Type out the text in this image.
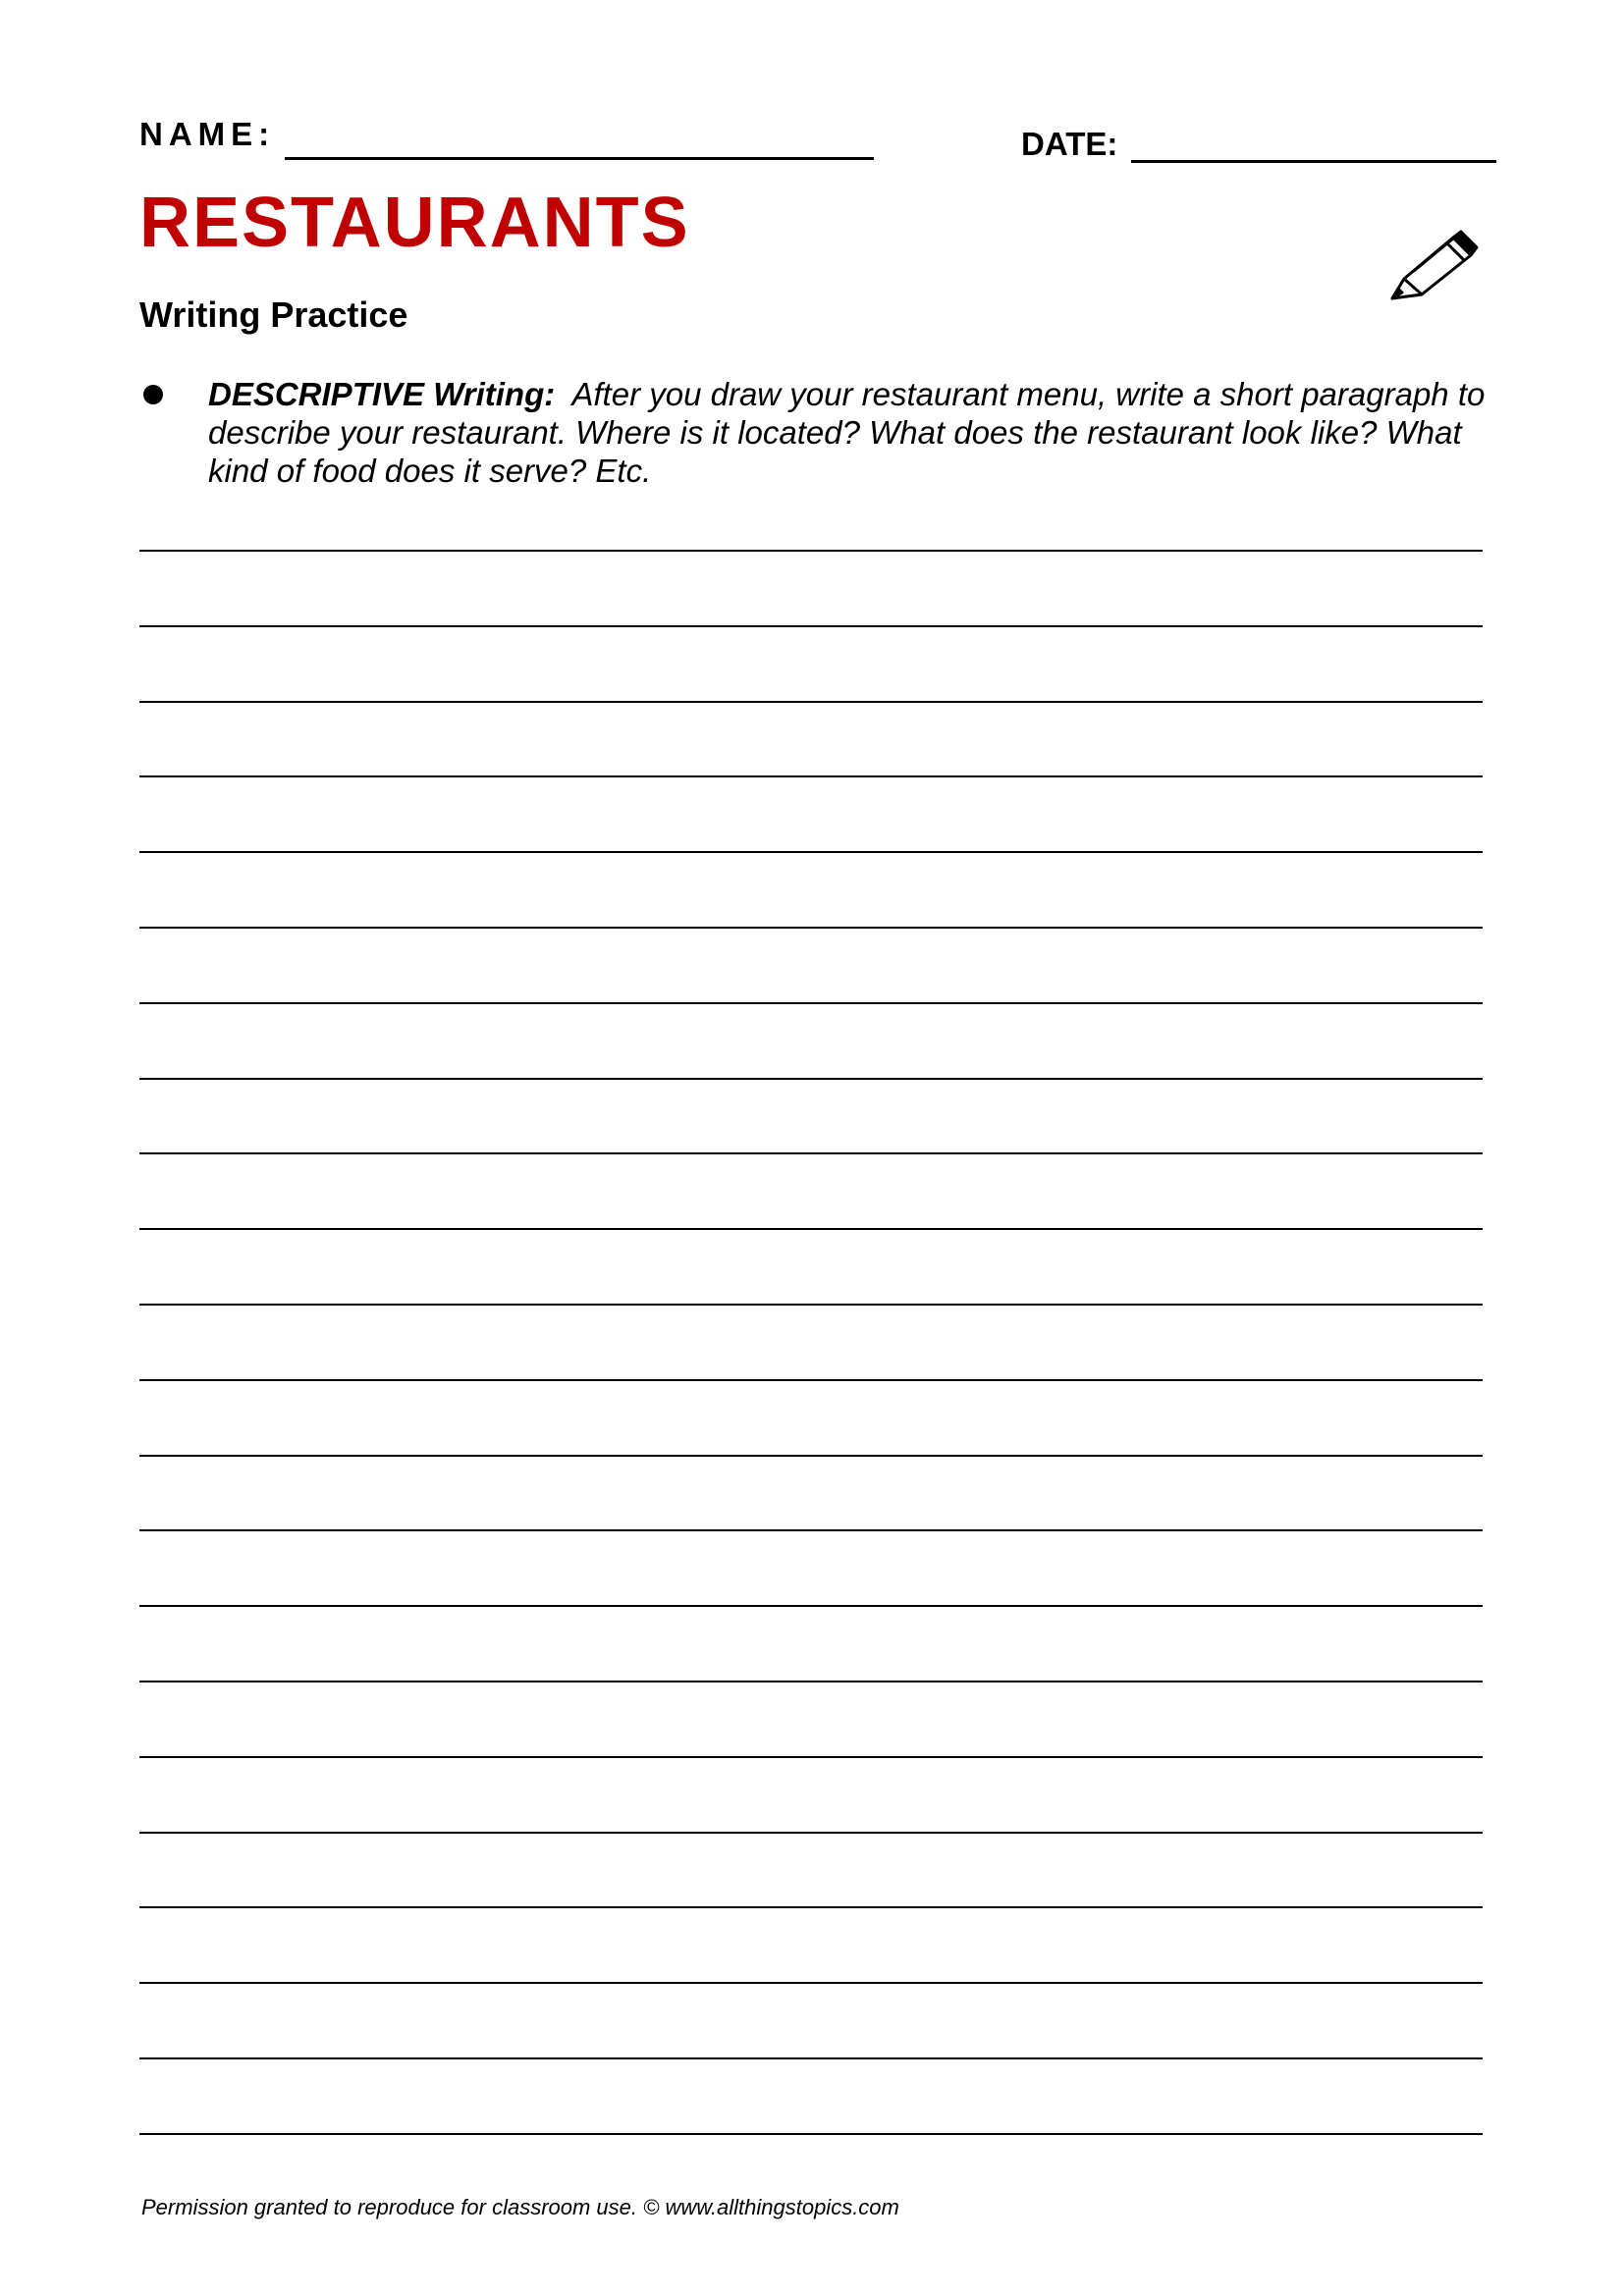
NAME:	DATE:
RESTAURANTS
Writing Practice
DESCRIPTIVE Writing: After you draw your restaurant menu, write a short paragraph to describe your restaurant. Where is it located? What does the restaurant look like? What kind of food does it serve? Etc.
Permission granted to reproduce for classroom use. © www.allthingstopics.com
